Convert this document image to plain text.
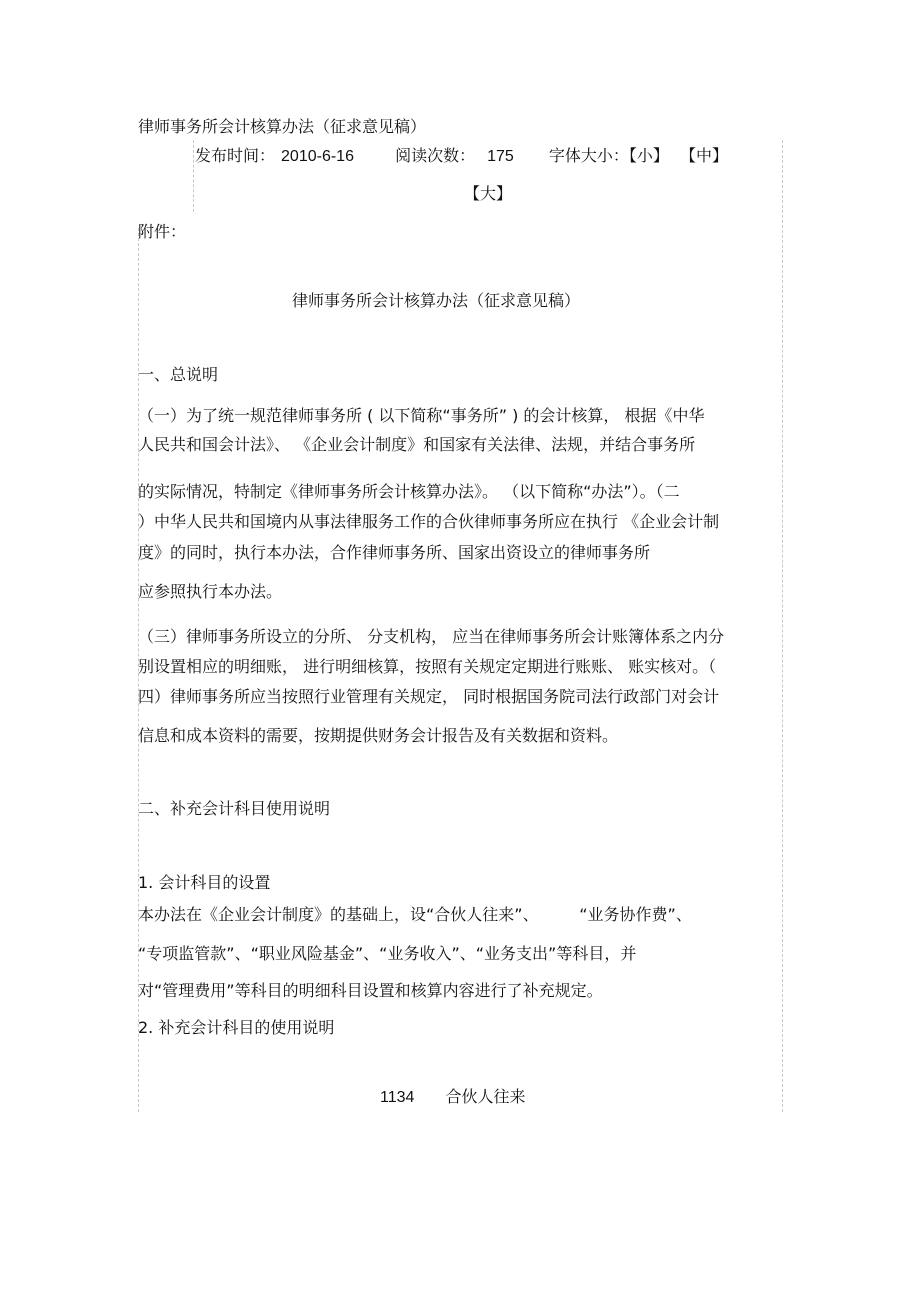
律师事务所会计核算办法（征求意见稿）
发布时间： 2010-6-16	阅读次数： 175 字体大小：【小】 【中】
【大】
附件：
律师事务所会计核算办法（征求意见稿）
一、总说明
（一）为了统一规范律师事务所 ( 以下简称“事务所” ) 的会计核算， 根据《中华
人民共和国会计法》、 《企业会计制度》和国家有关法律、法规，并结合事务所
的实际情况，特制定《律师事务所会计核算办法》。 （以下简称“办法”）。（二
）中华人民共和国境内从事法律服务工作的合伙律师事务所应在执行 《企业会计制
度》的同时，执行本办法，合作律师事务所、国家出资设立的律师事务所
应参照执行本办法。
（三）律师事务所设立的分所、 分支机构， 应当在律师事务所会计账簿体系之内分
别设置相应的明细账， 进行明细核算，按照有关规定定期进行账账、 账实核对。（
四）律师事务所应当按照行业管理有关规定， 同时根据国务院司法行政部门对会计
信息和成本资料的需要，按期提供财务会计报告及有关数据和资料。
二、补充会计科目使用说明
1. 会计科目的设置
本办法在《企业会计制度》的基础上，设“合伙人往来”、        “业务协作费”、
“专项监管款”、“职业风险基金”、“业务收入”、“业务支出”等科目，并
对“管理费用”等科目的明细科目设置和核算内容进行了补充规定。
2. 补充会计科目的使用说明
1134 合伙人往来
